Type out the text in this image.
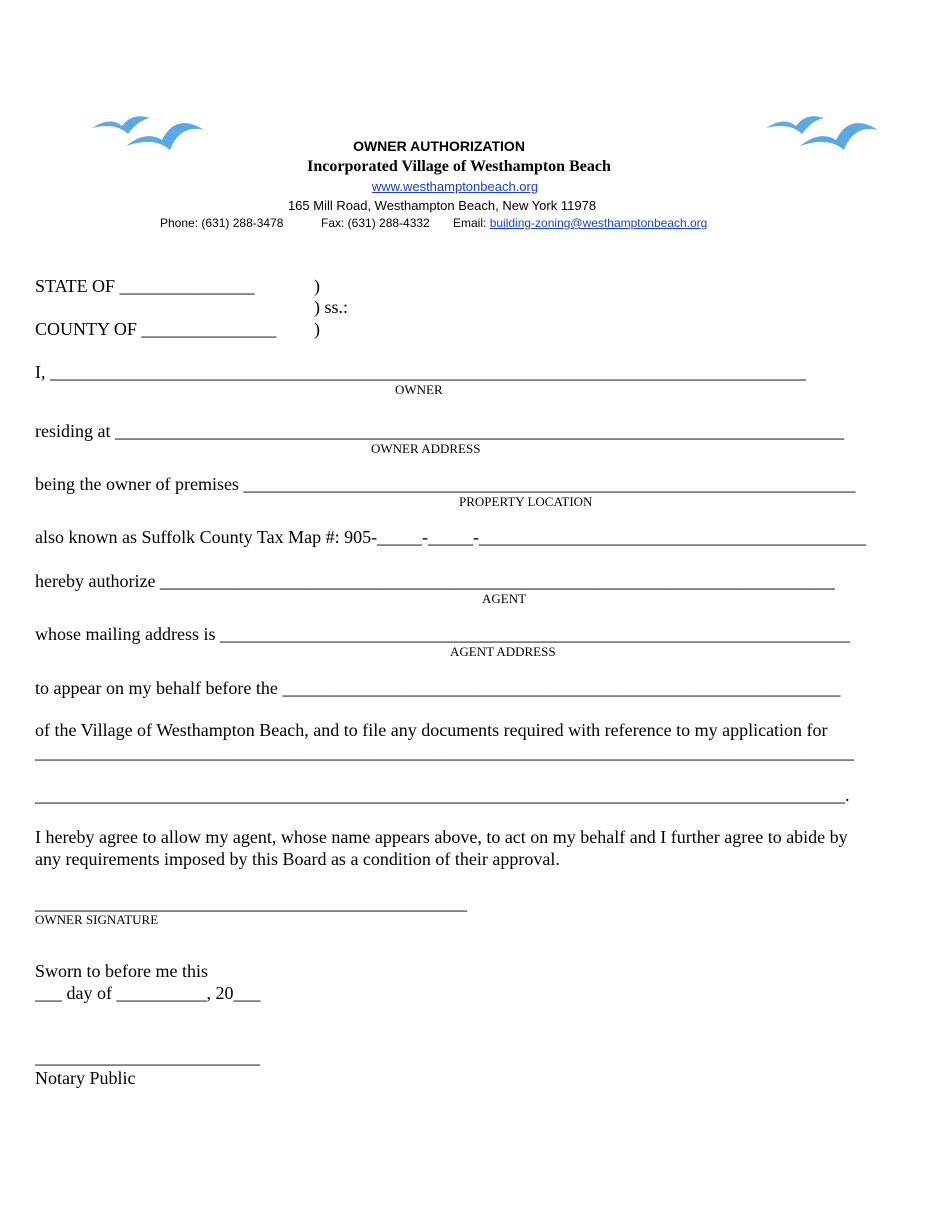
OWNER AUTHORIZATION
Incorporated Village of Westhampton Beach
www.westhamptonbeach.org
165 Mill Road, Westhampton Beach, New York 11978
Phone: (631) 288-3478	Fax: (631) 288-4332 Email: building-zoning@westhamptonbeach.org
STATE OF _______________	)
) ss.:
COUNTY OF _______________ )
I, ____________________________________________________________________________________
OWNER
residing at _________________________________________________________________________________
OWNER ADDRESS
being the owner of premises ____________________________________________________________________
PROPERTY LOCATION
also known as Suffolk County Tax Map #: 905-_____-_____-___________________________________________
hereby authorize ___________________________________________________________________________
AGENT
whose mailing address is ______________________________________________________________________
AGENT ADDRESS
to appear on my behalf before the ______________________________________________________________
of the Village of Westhampton Beach, and to file any documents required with reference to my application for
___________________________________________________________________________________________
__________________________________________________________________________________________.
I hereby agree to allow my agent, whose name appears above, to act on my behalf and I further agree to abide by
any requirements imposed by this Board as a condition of their approval.
________________________________________________
OWNER SIGNATURE
Sworn to before me this
___ day of __________, 20___
_________________________
Notary Public
